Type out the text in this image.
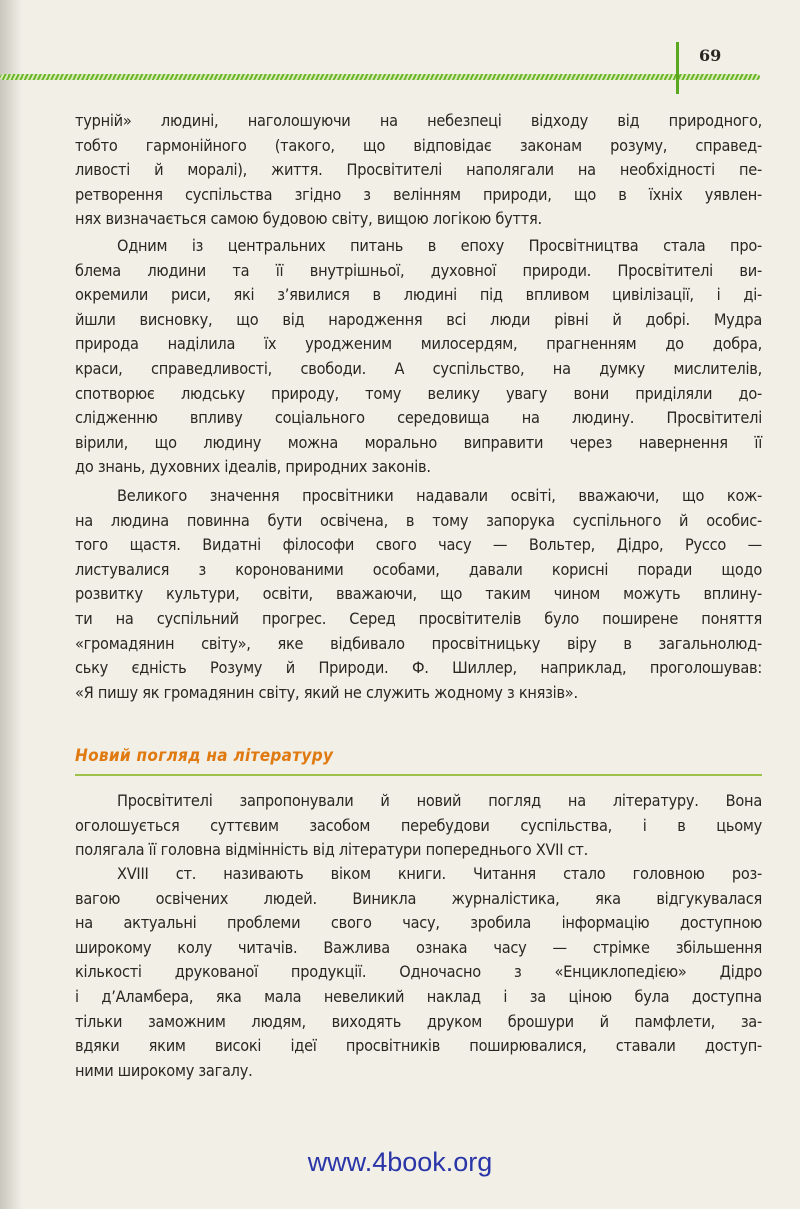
69
турній» людині, наголошуючи на небезпеці відходу від природного,
тобто гармонійного (такого, що відповідає законам розуму, справед-
ливості й моралі), життя. Просвітителі наполягали на необхідності пе-
ретворення суспільства згідно з велінням природи, що в їхніх уявлен-
нях визначається самою будовою світу, вищою логікою буття.
Одним із центральних питань в епоху Просвітництва стала про-
блема людини та її внутрішньої, духовної природи. Просвітителі ви-
окремили риси, які з’явилися в людині під впливом цивілізації, і ді-
йшли висновку, що від народження всі люди рівні й добрі. Мудра
природа наділила їх уродженим милосердям, прагненням до добра,
краси, справедливості, свободи. А суспільство, на думку мислителів,
спотворює людську природу, тому велику увагу вони приділяли до-
слідженню впливу соціального середовища на людину. Просвітителі
вірили, що людину можна морально виправити через навернення її
до знань, духовних ідеалів, природних законів.
Великого значення просвітники надавали освіті, вважаючи, що кож-
на людина повинна бути освічена, в тому запорука суспільного й особис-
того щастя. Видатні філософи свого часу — Вольтер, Дідро, Руссо —
листувалися з коронованими особами, давали корисні поради щодо
розвитку культури, освіти, вважаючи, що таким чином можуть вплину-
ти на суспільний прогрес. Серед просвітителів було поширене поняття
«громадянин світу», яке відбивало просвітницьку віру в загальнолюд-
ську єдність Розуму й Природи. Ф. Шиллер, наприклад, проголошував:
«Я пишу як громадянин світу, який не служить жодному з князів».
Новий погляд на літературу
Просвітителі запропонували й новий погляд на літературу. Вона
оголошується суттєвим засобом перебудови суспільства, і в цьому
полягала її головна відмінність від літератури попереднього XVII ст.
XVIII ст. називають віком книги. Читання стало головною роз-
вагою освічених людей. Виникла журналістика, яка відгукувалася
на актуальні проблеми свого часу, зробила інформацію доступною
широкому колу читачів. Важлива ознака часу — стрімке збільшення
кількості друкованої продукції. Одночасно з «Енциклопедією» Дідро
і д’Аламбера, яка мала невеликий наклад і за ціною була доступна
тільки заможним людям, виходять друком брошури й памфлети, за-
вдяки яким високі ідеї просвітників поширювалися, ставали доступ-
ними широкому загалу.
www.4book.org
